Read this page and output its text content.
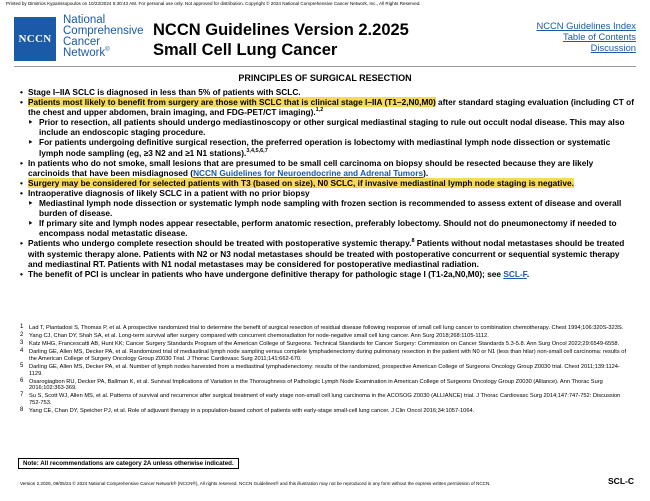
Printed by Dimitrios Kyparissopoulos on 10/23/2024 5:30:43 AM. For personal use only. Not approved for distribution. Copyright © 2024 National Comprehensive Cancer Network, Inc., All Rights Reserved.
NCCN
National
Comprehensive
Cancer
Network®
NCCN Guidelines Version 2.2025
Small Cell Lung Cancer
NCCN Guidelines Index
Table of Contents
Discussion
PRINCIPLES OF SURGICAL RESECTION
• Stage I–IIA SCLC is diagnosed in less than 5% of patients with SCLC.
• Patients most likely to benefit from surgery are those with SCLC that is clinical stage I–IIA (T1–2,N0,M0) after standard staging evaluation (including CT of the chest and upper abdomen, brain imaging, and FDG-PET/CT imaging).$^{1,2}$
‣ Prior to resection, all patients should undergo mediastinoscopy or other surgical mediastinal staging to rule out occult nodal disease. This may also include an endoscopic staging procedure.
‣ For patients undergoing definitive surgical resection, the preferred operation is lobectomy with mediastinal lymph node dissection or systematic lymph node sampling (eg, ≥3 N2 and ≥1 N1 stations).$^{3,4,5,6,7}$
• In patients who do not smoke, small lesions that are presumed to be small cell carcinoma on biopsy should be resected because they are likely carcinoids that have been misdiagnosed (NCCN Guidelines for Neuroendocrine and Adrenal Tumors).
• Surgery may be considered for selected patients with T3 (based on size), N0 SCLC, if invasive mediastinal lymph node staging is negative.
• Intraoperative diagnosis of likely SCLC in a patient with no prior biopsy
‣ Mediastinal lymph node dissection or systematic lymph node sampling with frozen section is recommended to assess extent of disease and overall burden of disease.
‣ If primary site and lymph nodes appear resectable, perform anatomic resection, preferably lobectomy. Should not do pneumonectomy if needed to encompass nodal metastatic disease.
• Patients who undergo complete resection should be treated with postoperative systemic therapy.$^8$ Patients without nodal metastases should be treated with systemic therapy alone. Patients with N2 or N3 nodal metastases should be treated with postoperative concurrent or sequential systemic therapy and mediastinal RT. Patients with N1 nodal metastases may be considered for postoperative mediastinal radiation.
• The benefit of PCI is unclear in patients who have undergone definitive therapy for pathologic stage I (T1-2a,N0,M0); see SCL-F.
1 Lad T, Piantadosi S, Thomas P, et al. A prospective randomized trial to determine the benefit of surgical resection of residual disease following response of small cell lung cancer to combination chemotherapy. Chest 1994;106:320S-323S.
2 Yang CJ, Chan DY, Shah SA, et al. Long-term survival after surgery compared with concurrent chemoradiation for node-negative small cell lung cancer. Ann Surg 2018;268:1105-1112.
3 Katz MHG, Francescatti AB, Hunt KK; Cancer Surgery Standards Program of the American College of Surgeons. Technical Standards for Cancer Surgery: Commission on Cancer Standards 5.3-5.8. Ann Surg Oncol 2022;29:6549-6558.
4 Darling GE, Allen MS, Decker PA, et al. Randomized trial of mediastinal lymph node sampling versus complete lymphadenectomy during pulmonary resection in the patient with N0 or N1 (less than hilar) non-small cell carcinoma: results of the American College of Surgery Oncology Group Z0030 Trial. J Thorac Cardiovasc Surg 2011;141:662-670.
5 Darling GE, Allen MS, Decker PA, et al. Number of lymph nodes harvested from a mediastinal lymphadenectomy: results of the randomized, prospective American College of Surgeons Oncology Group Z0030 trial. Chest 2011;139:1124-1129.
6 Osarogiagbon RU, Decker PA, Ballman K, et al. Survival Implications of Variation in the Thoroughness of Pathologic Lymph Node Examination in American College of Surgeons Oncology Group Z0030 (Alliance). Ann Thorac Surg 2016;102:363-369.
7 Su S, Scott WJ, Allen MS, et al. Patterns of survival and recurrence after surgical treatment of early stage non-small cell lung carcinoma in the ACOSOG Z0030 (ALLIANCE) trial. J Thorac Cardiovasc Surg 2014;147:747-752: Discussion 752-753.
8 Yang CE, Chan DY, Speicher PJ, et al. Role of adjuvant therapy in a population-based cohort of patients with early-stage small-cell lung cancer. J Clin Oncol 2016;34:1057-1064.
Note: All recommendations are category 2A unless otherwise indicated.
Version 2.2025, 09/05/24 © 2024 National Comprehensive Cancer Network® (NCCN®), All rights reserved. NCCN Guidelines® and this illustration may not be reproduced in any form without the express written permission of NCCN.	SCL-C
